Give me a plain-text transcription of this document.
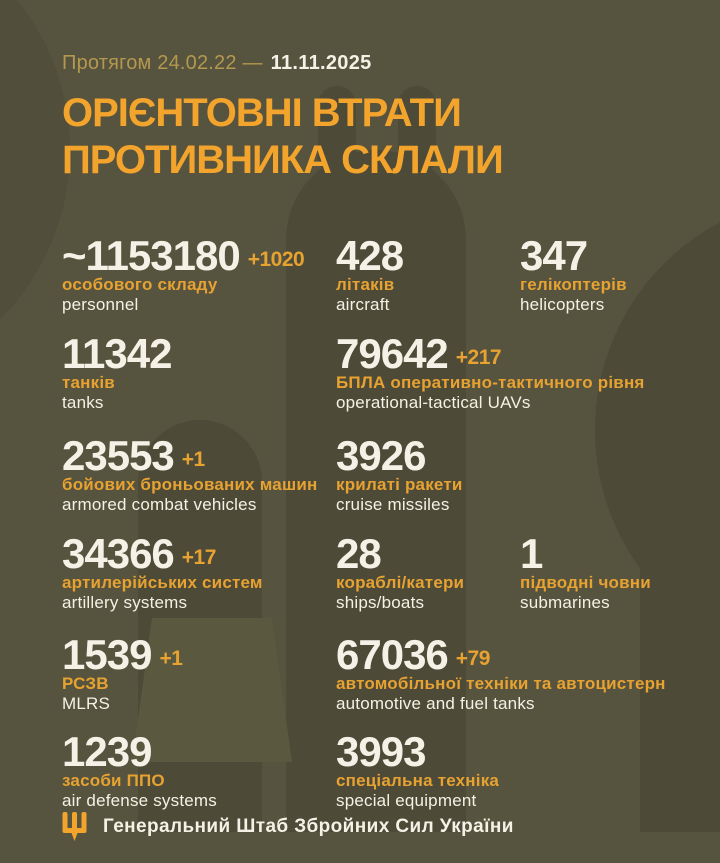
Протягом 24.02.22 — 11.11.2025
ОРІЄНТОВНІ ВТРАТИ
ПРОТИВНИКА СКЛАЛИ
~1153180 +1020
особового складу
personnel
428
літаків
aircraft
347
гелікоптерів
helicopters
11342
танків
tanks
79642 +217
БПЛА оперативно-тактичного рівня
operational-tactical UAVs
23553 +1
бойових броньованих машин
armored combat vehicles
3926
крилаті ракети
cruise missiles
34366 +17
артилерійських систем
artillery systems
28
кораблі/катери
ships/boats
1
підводні човни
submarines
1539 +1
РСЗВ
MLRS
67036 +79
автомобільної техніки та автоцистерн
automotive and fuel tanks
1239
засоби ППО
air defense systems
3993
спеціальна техніка
special equipment
Генеральний Штаб Збройних Сил України
